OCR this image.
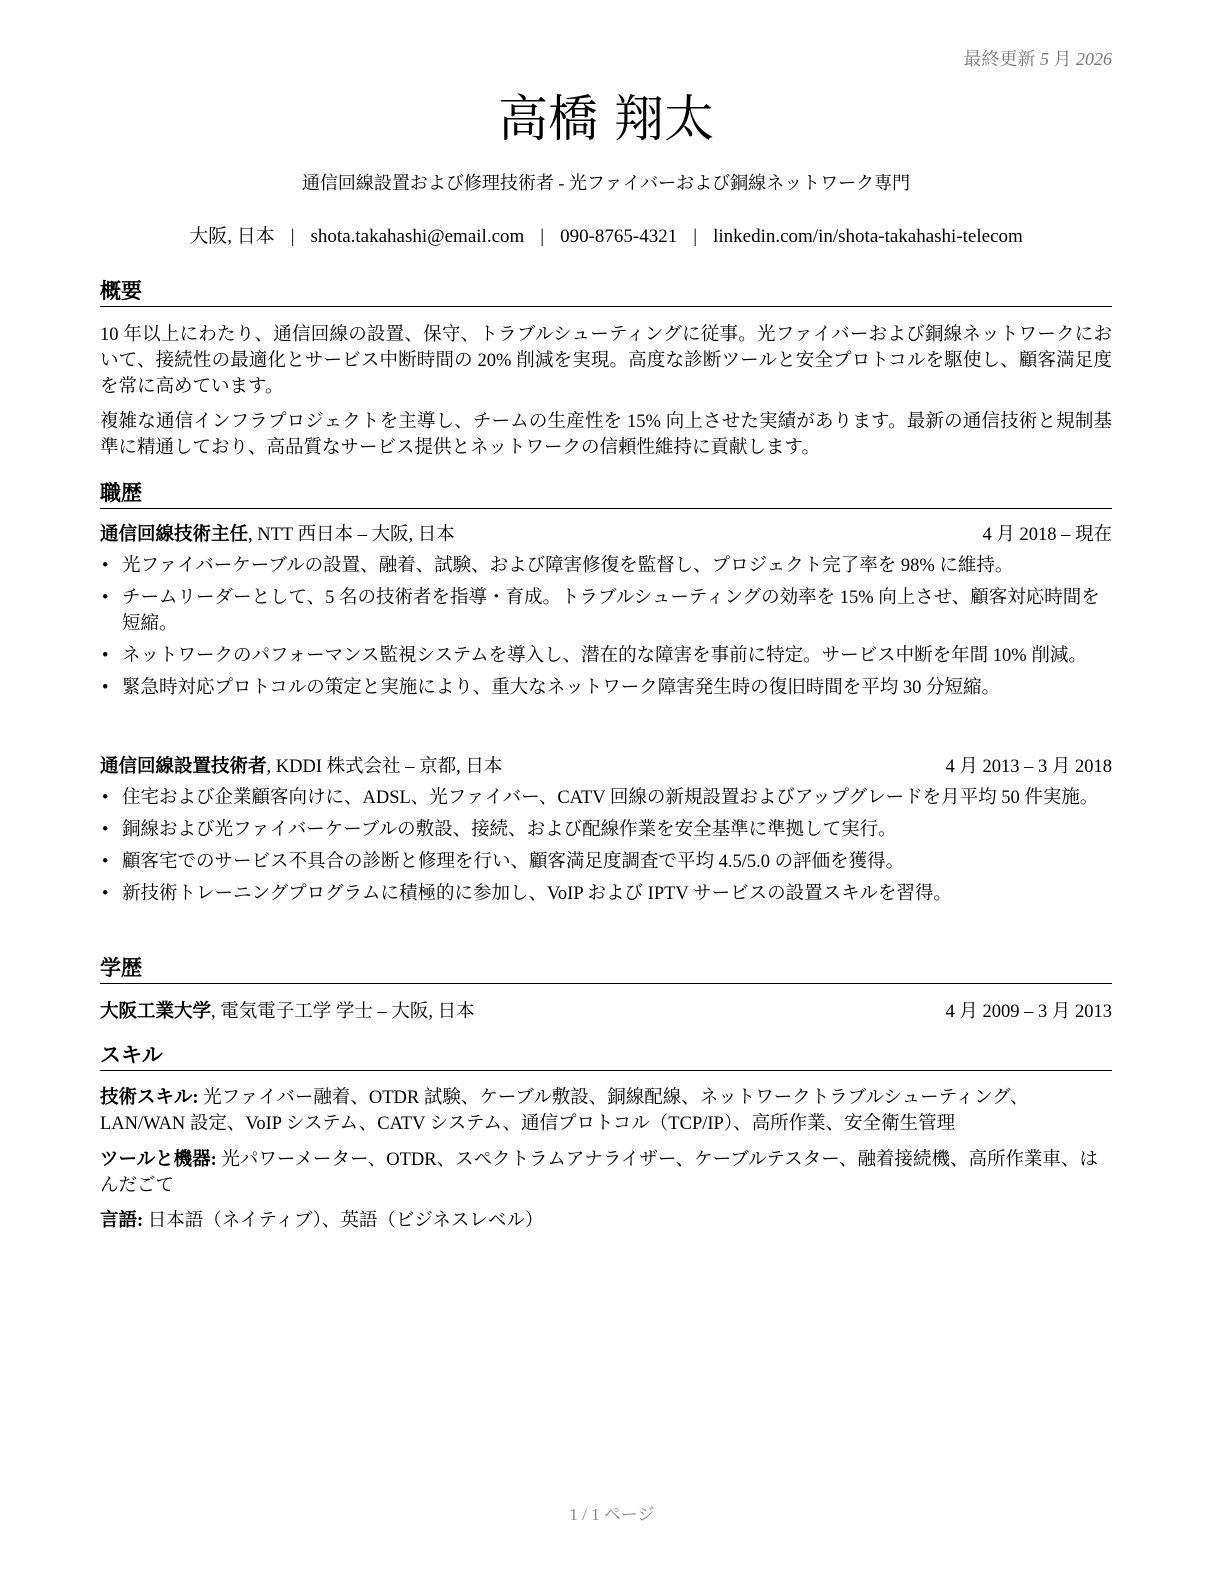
最終更新 5 月 2026
高橋 翔太
通信回線設置および修理技術者 - 光ファイバーおよび銅線ネットワーク専門
大阪, 日本 | shota.takahashi@email.com | 090-8765-4321 | linkedin.com/in/shota-takahashi-telecom
概要
10 年以上にわたり、通信回線の設置、保守、トラブルシューティングに従事。光ファイバーおよび銅線ネットワークにおいて、接続性の最適化とサービス中断時間の 20% 削減を実現。高度な診断ツールと安全プロトコルを駆使し、顧客満足度を常に高めています。
複雑な通信インフラプロジェクトを主導し、チームの生産性を 15% 向上させた実績があります。最新の通信技術と規制基準に精通しており、高品質なサービス提供とネットワークの信頼性維持に貢献します。
職歴
通信回線技術主任, NTT 西日本 – 大阪, 日本	4 月 2018 – 現在
• 光ファイバーケーブルの設置、融着、試験、および障害修復を監督し、プロジェクト完了率を 98% に維持。
• チームリーダーとして、5 名の技術者を指導・育成。トラブルシューティングの効率を 15% 向上させ、顧客対応時間を短縮。
• ネットワークのパフォーマンス監視システムを導入し、潜在的な障害を事前に特定。サービス中断を年間 10% 削減。
• 緊急時対応プロトコルの策定と実施により、重大なネットワーク障害発生時の復旧時間を平均 30 分短縮。
通信回線設置技術者, KDDI 株式会社 – 京都, 日本	4 月 2013 – 3 月 2018
• 住宅および企業顧客向けに、ADSL、光ファイバー、CATV 回線の新規設置およびアップグレードを月平均 50 件実施。
• 銅線および光ファイバーケーブルの敷設、接続、および配線作業を安全基準に準拠して実行。
• 顧客宅でのサービス不具合の診断と修理を行い、顧客満足度調査で平均 4.5/5.0 の評価を獲得。
• 新技術トレーニングプログラムに積極的に参加し、VoIP および IPTV サービスの設置スキルを習得。
学歴
大阪工業大学, 電気電子工学 学士 – 大阪, 日本	4 月 2009 – 3 月 2013
スキル
技術スキル: 光ファイバー融着、OTDR 試験、ケーブル敷設、銅線配線、ネットワークトラブルシューティング、LAN/WAN 設定、VoIP システム、CATV システム、通信プロトコル（TCP/IP）、高所作業、安全衛生管理
ツールと機器: 光パワーメーター、OTDR、スペクトラムアナライザー、ケーブルテスター、融着接続機、高所作業車、はんだごて
言語: 日本語（ネイティブ）、英語（ビジネスレベル）
1 / 1 ページ
